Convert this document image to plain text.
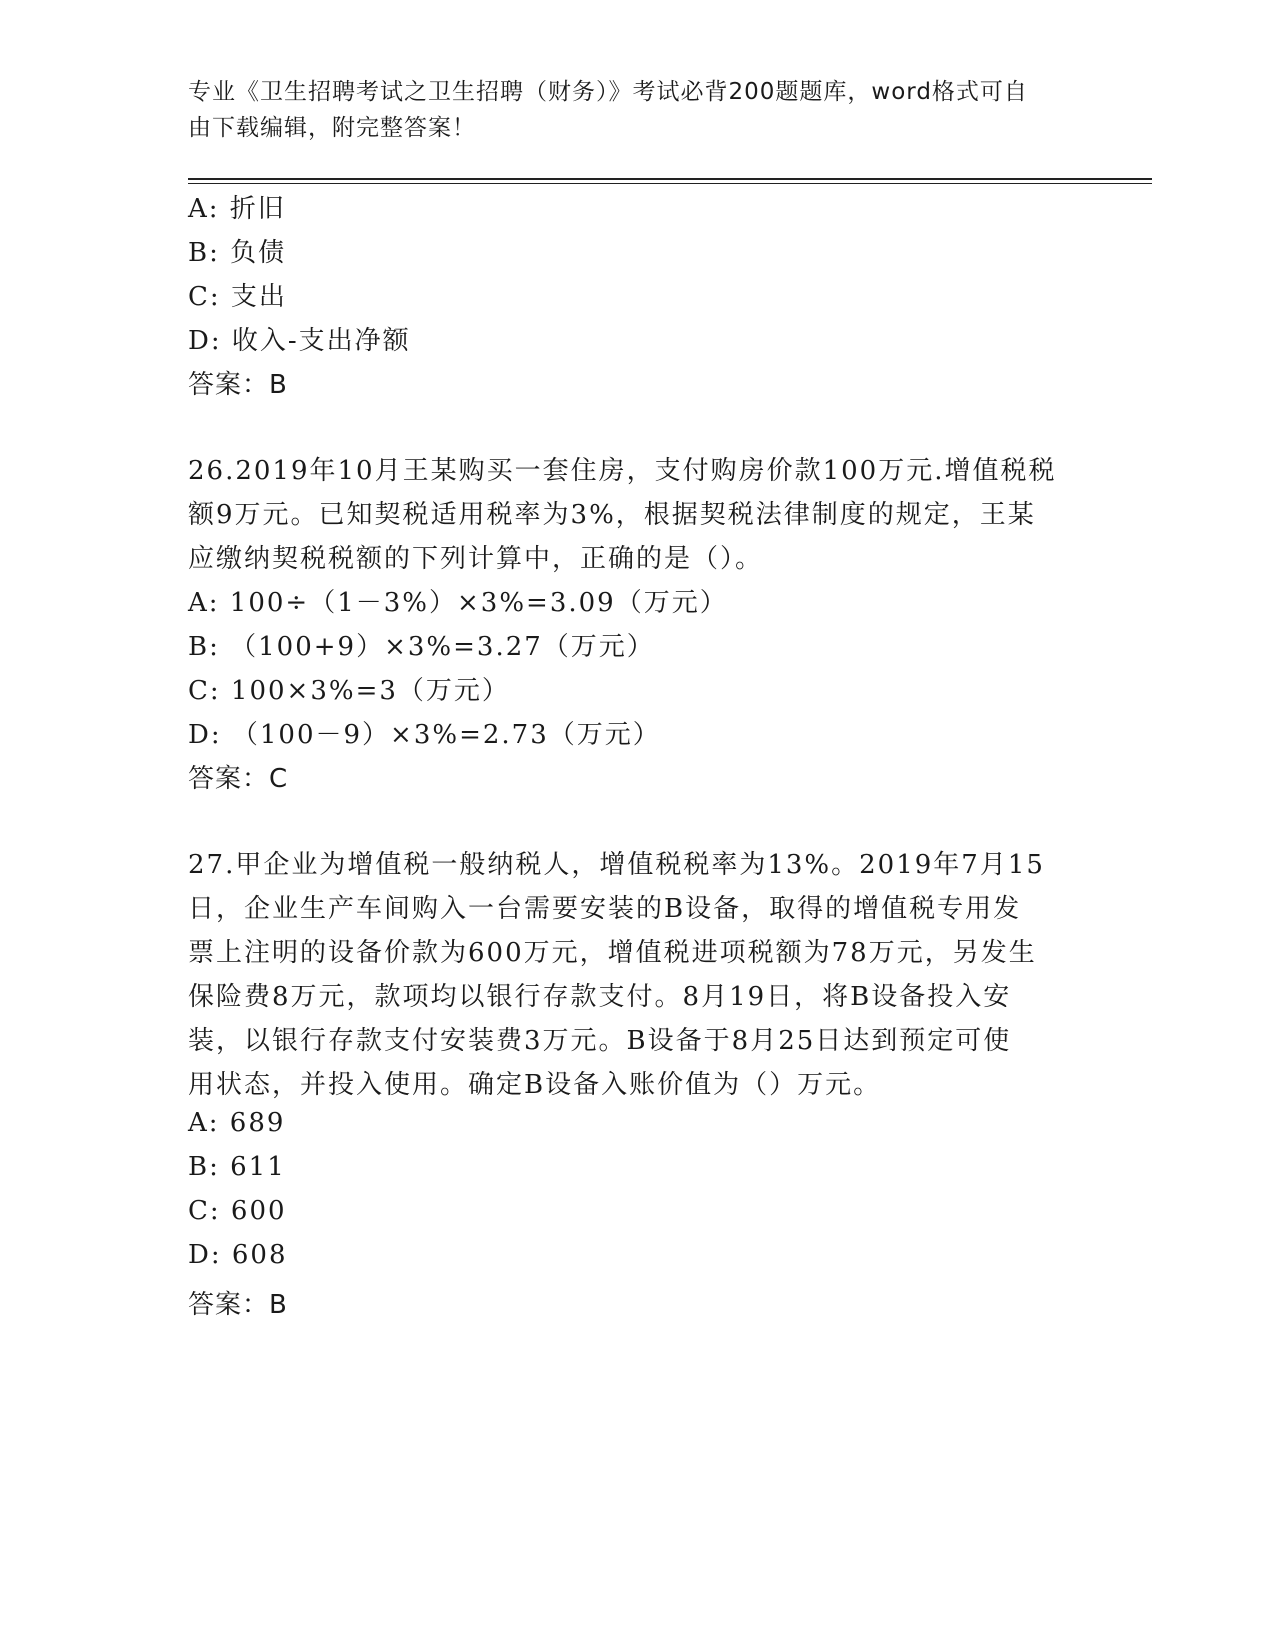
专业《卫生招聘考试之卫生招聘（财务）》考试必背200题题库，word格式可自
由下载编辑，附完整答案！
A: 折旧
B: 负债
C: 支出
D: 收入-支出净额
答案：B
26.2019年10月王某购买一套住房，支付购房价款100万元.增值税税
额9万元。已知契税适用税率为3%，根据契税法律制度的规定，王某
应缴纳契税税额的下列计算中，正确的是（）。
A: 100÷（1－3%）×3%=3.09（万元）
B: （100+9）×3%=3.27（万元）
C: 100×3%=3（万元）
D: （100－9）×3%=2.73（万元）
答案：C
27.甲企业为增值税一般纳税人，增值税税率为13%。2019年7月15
日，企业生产车间购入一台需要安装的B设备，取得的增值税专用发
票上注明的设备价款为600万元，增值税进项税额为78万元，另发生
保险费8万元，款项均以银行存款支付。8月19日，将B设备投入安
装，以银行存款支付安装费3万元。B设备于8月25日达到预定可使
用状态，并投入使用。确定B设备入账价值为（）万元。
A: 689
B: 611
C: 600
D: 608
答案：B
